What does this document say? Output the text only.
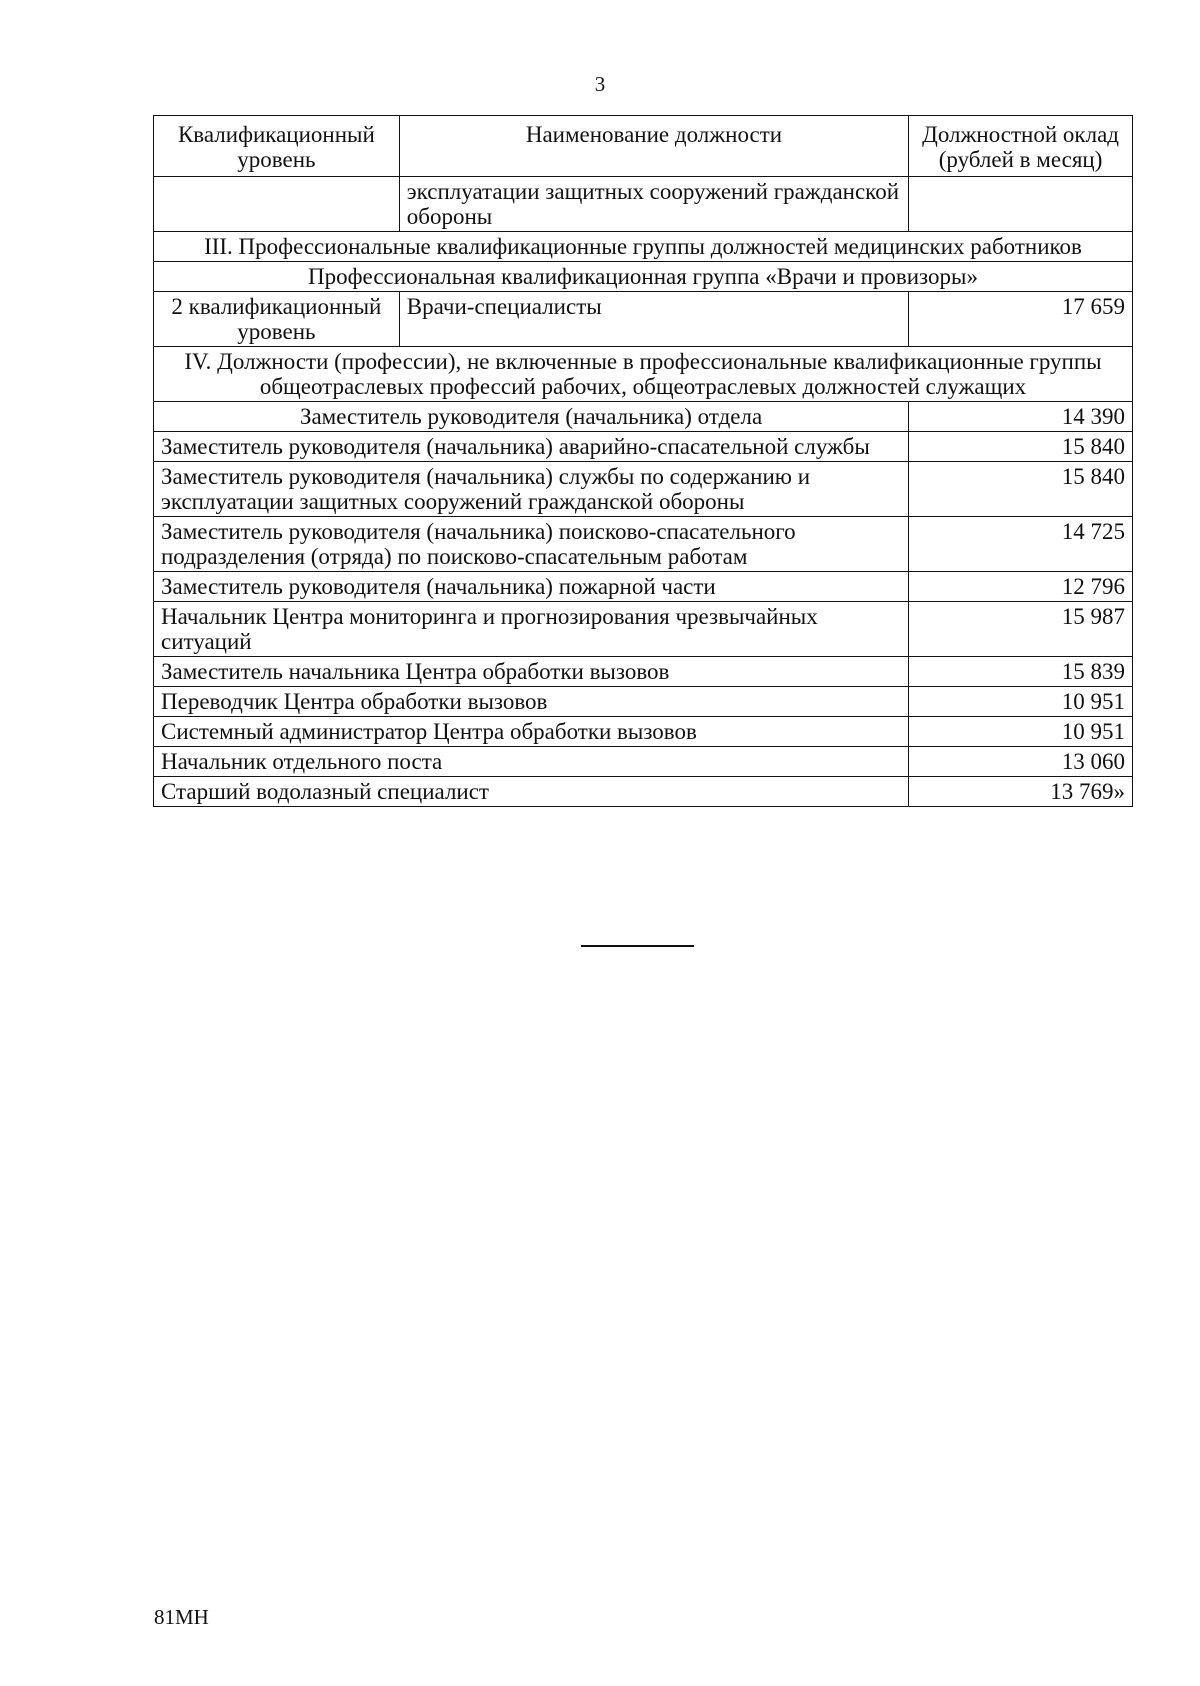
3
Квалификационный уровень	Наименование должности	Должностной оклад (рублей в месяц)
	эксплуатации защитных сооружений гражданской обороны	
III. Профессиональные квалификационные группы должностей медицинских работников		
Профессиональная квалификационная группа «Врачи и провизоры»		
2 квалификационный уровень	Врачи-специалисты	17 659
IV. Должности (профессии), не включенные в профессиональные квалификационные группы общеотраслевых профессий рабочих, общеотраслевых должностей служащих		
Заместитель руководителя (начальника) отдела		14 390
Заместитель руководителя (начальника) аварийно-спасательной службы		15 840
Заместитель руководителя (начальника) службы по содержанию и эксплуатации защитных сооружений гражданской обороны		15 840
Заместитель руководителя (начальника) поисково-спасательного подразделения (отряда) по поисково-спасательным работам		14 725
Заместитель руководителя (начальника) пожарной части		12 796
Начальник Центра мониторинга и прогнозирования чрезвычайных ситуаций		15 987
Заместитель начальника Центра обработки вызовов		15 839
Переводчик Центра обработки вызовов		10 951
Системный администратор Центра обработки вызовов		10 951
Начальник отдельного поста		13 060
Старший водолазный специалист		13 769»
81МН
